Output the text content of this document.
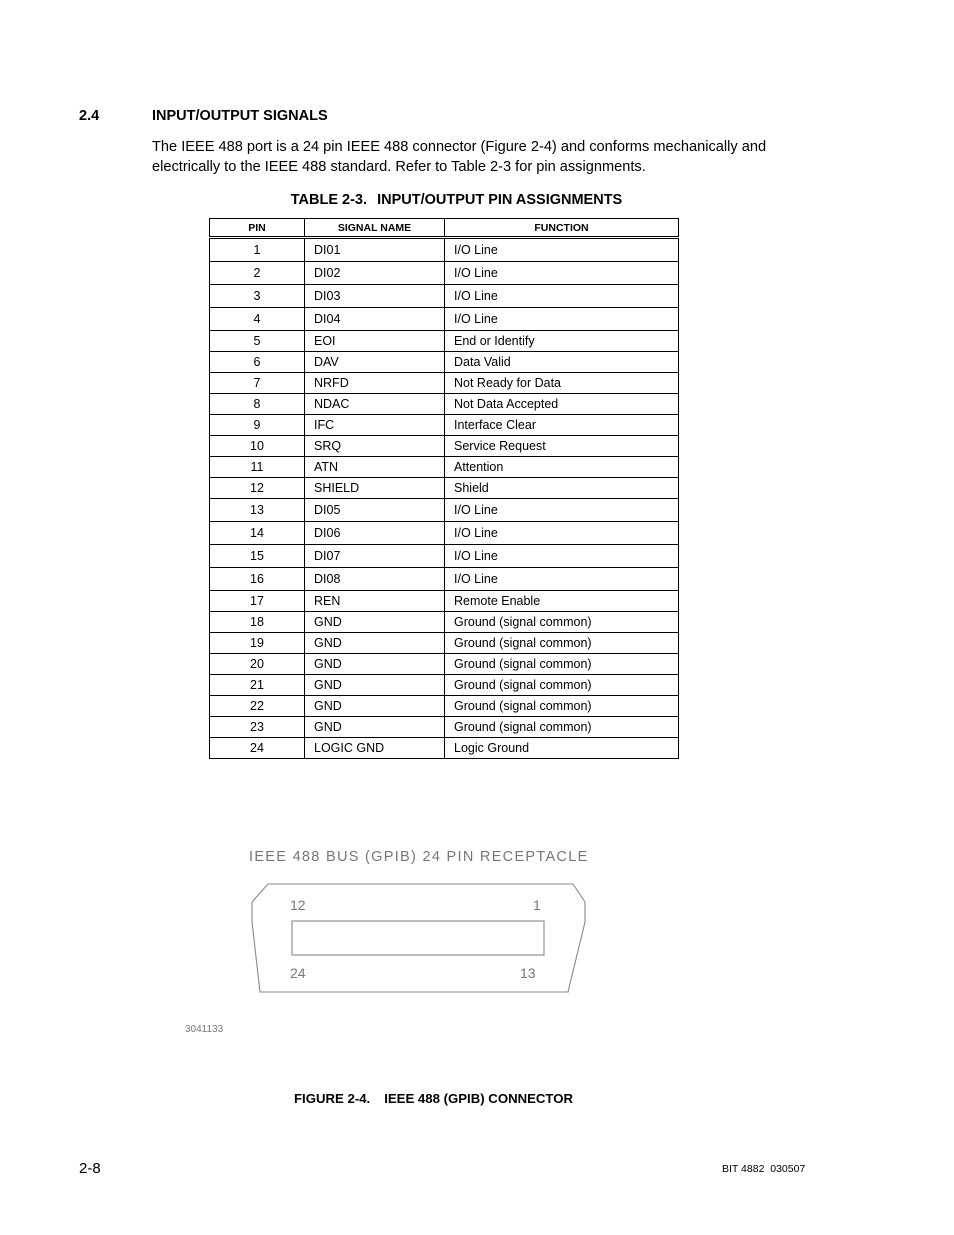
2.4	INPUT/OUTPUT SIGNALS

The IEEE 488 port is a 24 pin IEEE 488 connector (Figure 2-4) and conforms mechanically and electrically to the IEEE 488 standard. Refer to Table 2-3 for pin assignments.

TABLE 2-3. INPUT/OUTPUT PIN ASSIGNMENTS
PIN	SIGNAL NAME	FUNCTION
1	DI01	I/O Line
2	DI02	I/O Line
3	DI03	I/O Line
4	DI04	I/O Line
5	EOI	End or Identify
6	DAV	Data Valid
7	NRFD	Not Ready for Data
8	NDAC	Not Data Accepted
9	IFC	Interface Clear
10	SRQ	Service Request
11	ATN	Attention
12	SHIELD	Shield
13	DI05	I/O Line
14	DI06	I/O Line
15	DI07	I/O Line
16	DI08	I/O Line
17	REN	Remote Enable
18	GND	Ground (signal common)
19	GND	Ground (signal common)
20	GND	Ground (signal common)
21	GND	Ground (signal common)
22	GND	Ground (signal common)
23	GND	Ground (signal common)
24	LOGIC GND	Logic Ground
IEEE 488 BUS (GPIB) 24 PIN RECEPTACLE
12	1
24	13
3041133
FIGURE 2-4. IEEE 488 (GPIB) CONNECTOR
2-8	BIT 4882  030507
